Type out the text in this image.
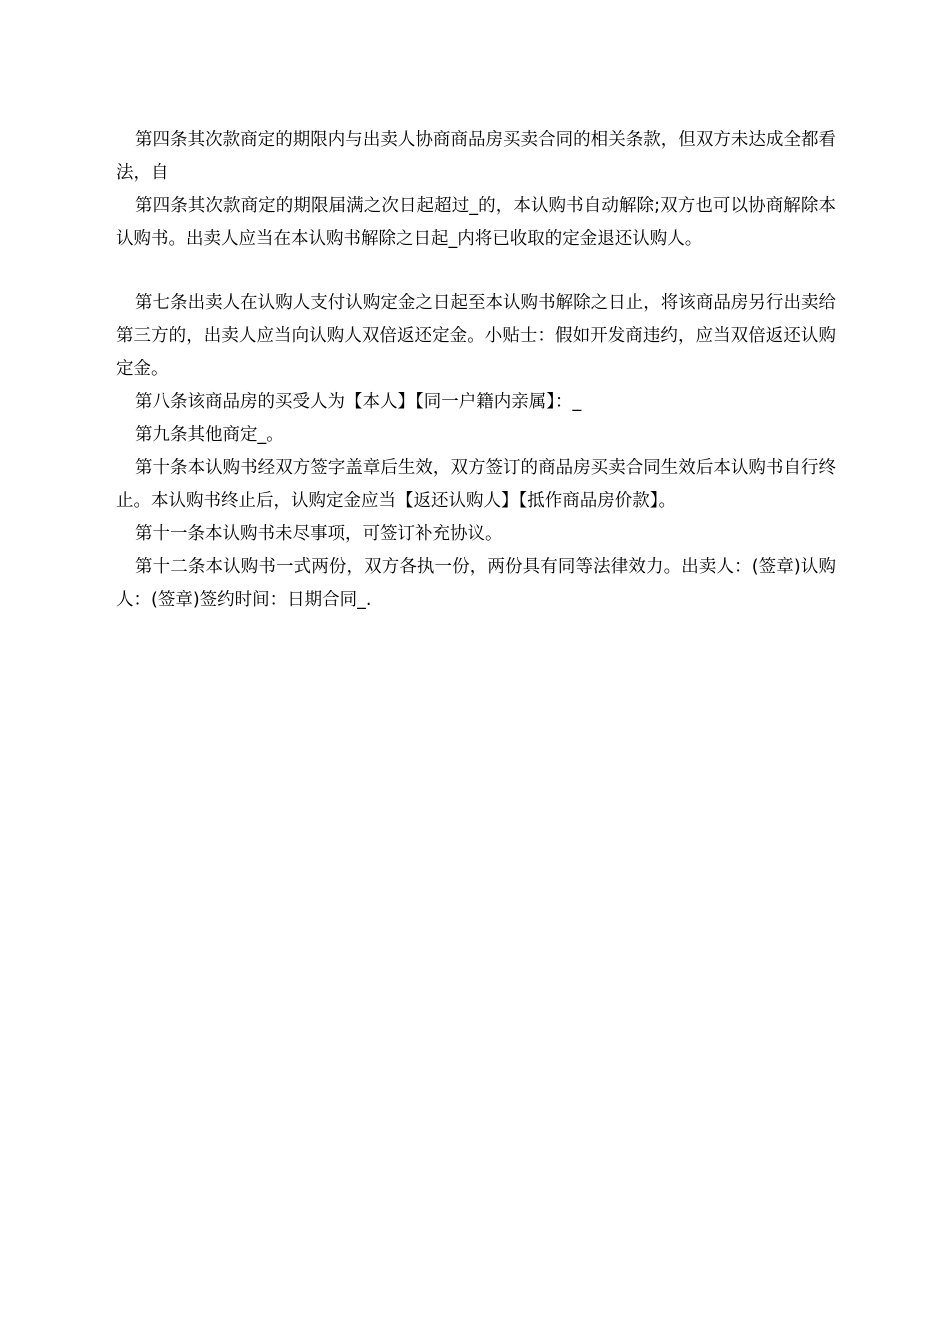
第四条其次款商定的期限内与出卖人协商商品房买卖合同的相关条款，但双方未达成全都看法，自

第四条其次款商定的期限届满之次日起超过_的，本认购书自动解除;双方也可以协商解除本认购书。出卖人应当在本认购书解除之日起_内将已收取的定金退还认购人。

第七条出卖人在认购人支付认购定金之日起至本认购书解除之日止，将该商品房另行出卖给第三方的，出卖人应当向认购人双倍返还定金。小贴士：假如开发商违约，应当双倍返还认购定金。

第八条该商品房的买受人为【本人】【同一户籍内亲属】：_

第九条其他商定_。

第十条本认购书经双方签字盖章后生效，双方签订的商品房买卖合同生效后本认购书自行终止。本认购书终止后，认购定金应当【返还认购人】【抵作商品房价款】。

第十一条本认购书未尽事项，可签订补充协议。

第十二条本认购书一式两份，双方各执一份，两份具有同等法律效力。出卖人：(签章)认购人：(签章)签约时间：日期合同_.
